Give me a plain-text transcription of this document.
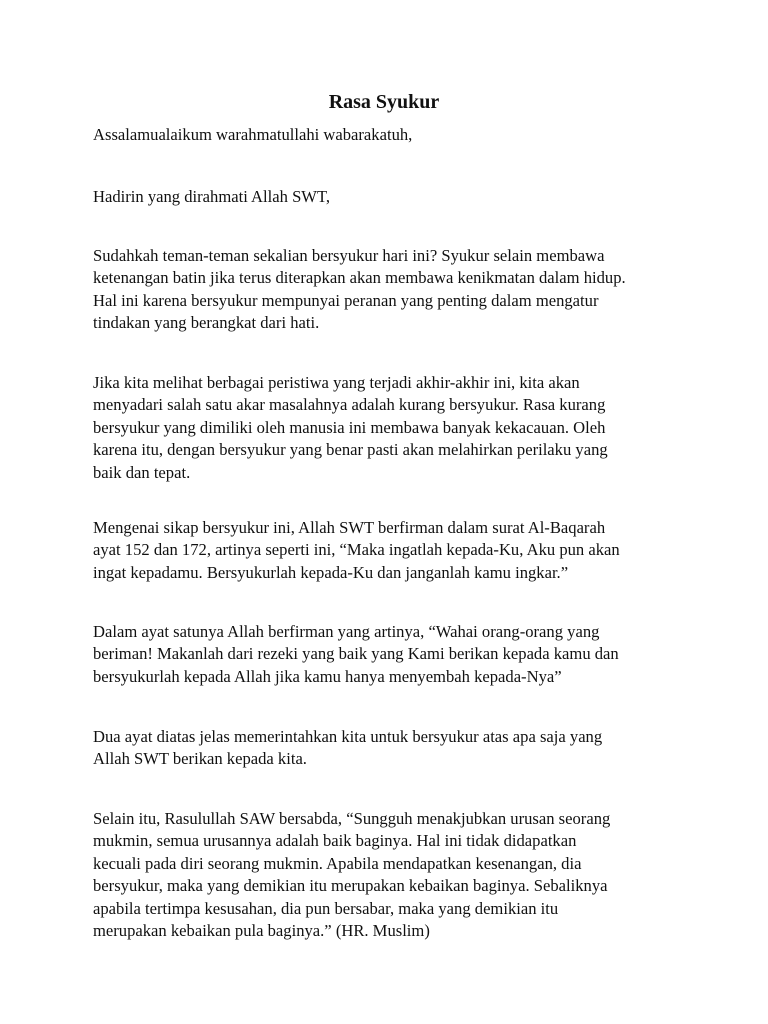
Rasa Syukur

Assalamualaikum warahmatullahi wabarakatuh,

Hadirin yang dirahmati Allah SWT,

Sudahkah teman-teman sekalian bersyukur hari ini? Syukur selain membawa
ketenangan batin jika terus diterapkan akan membawa kenikmatan dalam hidup.
Hal ini karena bersyukur mempunyai peranan yang penting dalam mengatur
tindakan yang berangkat dari hati.

Jika kita melihat berbagai peristiwa yang terjadi akhir-akhir ini, kita akan
menyadari salah satu akar masalahnya adalah kurang bersyukur. Rasa kurang
bersyukur yang dimiliki oleh manusia ini membawa banyak kekacauan. Oleh
karena itu, dengan bersyukur yang benar pasti akan melahirkan perilaku yang
baik dan tepat.

Mengenai sikap bersyukur ini, Allah SWT berfirman dalam surat Al-Baqarah
ayat 152 dan 172, artinya seperti ini, “Maka ingatlah kepada-Ku, Aku pun akan
ingat kepadamu. Bersyukurlah kepada-Ku dan janganlah kamu ingkar.”

Dalam ayat satunya Allah berfirman yang artinya, “Wahai orang-orang yang
beriman! Makanlah dari rezeki yang baik yang Kami berikan kepada kamu dan
bersyukurlah kepada Allah jika kamu hanya menyembah kepada-Nya”

Dua ayat diatas jelas memerintahkan kita untuk bersyukur atas apa saja yang
Allah SWT berikan kepada kita.

Selain itu, Rasulullah SAW bersabda, “Sungguh menakjubkan urusan seorang
mukmin, semua urusannya adalah baik baginya. Hal ini tidak didapatkan
kecuali pada diri seorang mukmin. Apabila mendapatkan kesenangan, dia
bersyukur, maka yang demikian itu merupakan kebaikan baginya. Sebaliknya
apabila tertimpa kesusahan, dia pun bersabar, maka yang demikian itu
merupakan kebaikan pula baginya.” (HR. Muslim)
